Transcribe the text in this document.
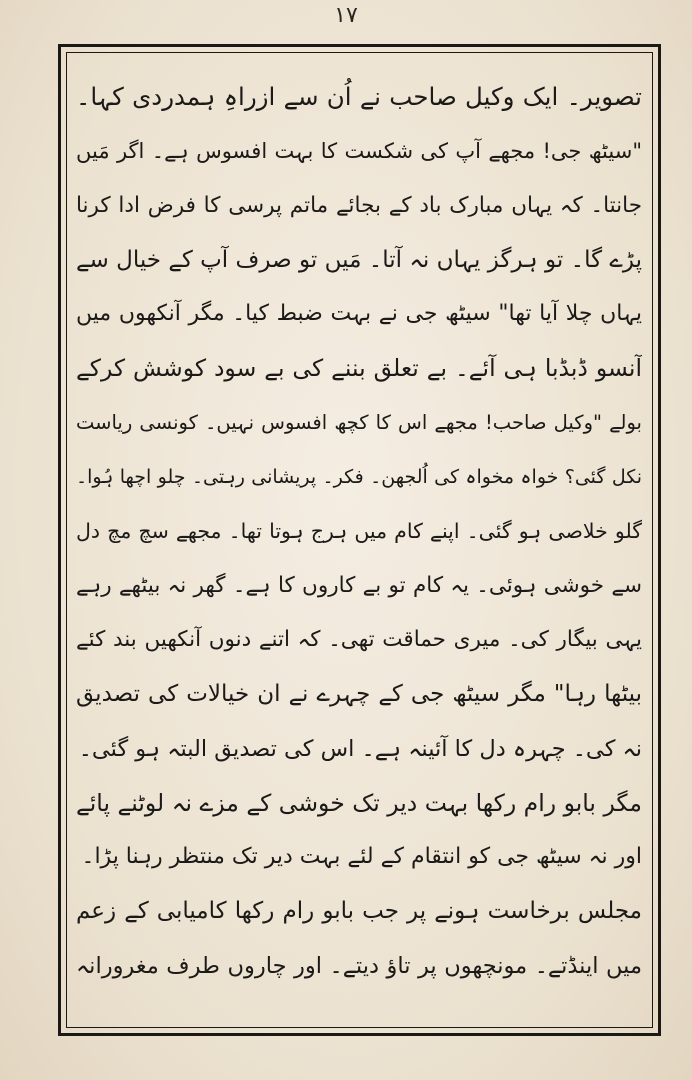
۱۷
تصویر۔ ایک وکیل صاحب نے اُن سے ازراہِ ہمدردی کہا۔
"سیٹھ جی! مجھے آپ کی شکست کا بہت افسوس ہے۔ اگر مَیں
جانتا۔ کہ یہاں مبارک باد کے بجائے ماتم پرسی کا فرض ادا کرنا
پڑے گا۔ تو ہرگز یہاں نہ آتا۔ مَیں تو صرف آپ کے خیال سے
یہاں چلا آیا تھا" سیٹھ جی نے بہت ضبط کیا۔ مگر آنکھوں میں
آنسو ڈبڈبا ہی آئے۔ بے تعلق بننے کی بے سود کوشش کرکے
بولے "وکیل صاحب! مجھے اس کا کچھ افسوس نہیں۔ کونسی ریاست
نکل گئی؟ خواہ مخواہ کی اُلجھن۔ فکر۔ پریشانی رہتی۔ چلو اچھا ہُوا۔
گلو خلاصی ہو گئی۔ اپنے کام میں ہرج ہوتا تھا۔ مجھے سچ مچ دل
سے خوشی ہوئی۔ یہ کام تو بے کاروں کا ہے۔ گھر نہ بیٹھے رہے
یہی بیگار کی۔ میری حماقت تھی۔ کہ اتنے دنوں آنکھیں بند کئے
بیٹھا رہا" مگر سیٹھ جی کے چہرے نے ان خیالات کی تصدیق
نہ کی۔ چہرہ دل کا آئینہ ہے۔ اس کی تصدیق البتہ ہو گئی۔
مگر بابو رام رکھا بہت دیر تک خوشی کے مزے نہ لوٹنے پائے
اور نہ سیٹھ جی کو انتقام کے لئے بہت دیر تک منتظر رہنا پڑا۔
مجلس برخاست ہونے پر جب بابو رام رکھا کامیابی کے زعم
میں اینڈتے۔ مونچھوں پر تاؤ دیتے۔ اور چاروں طرف مغرورانہ
